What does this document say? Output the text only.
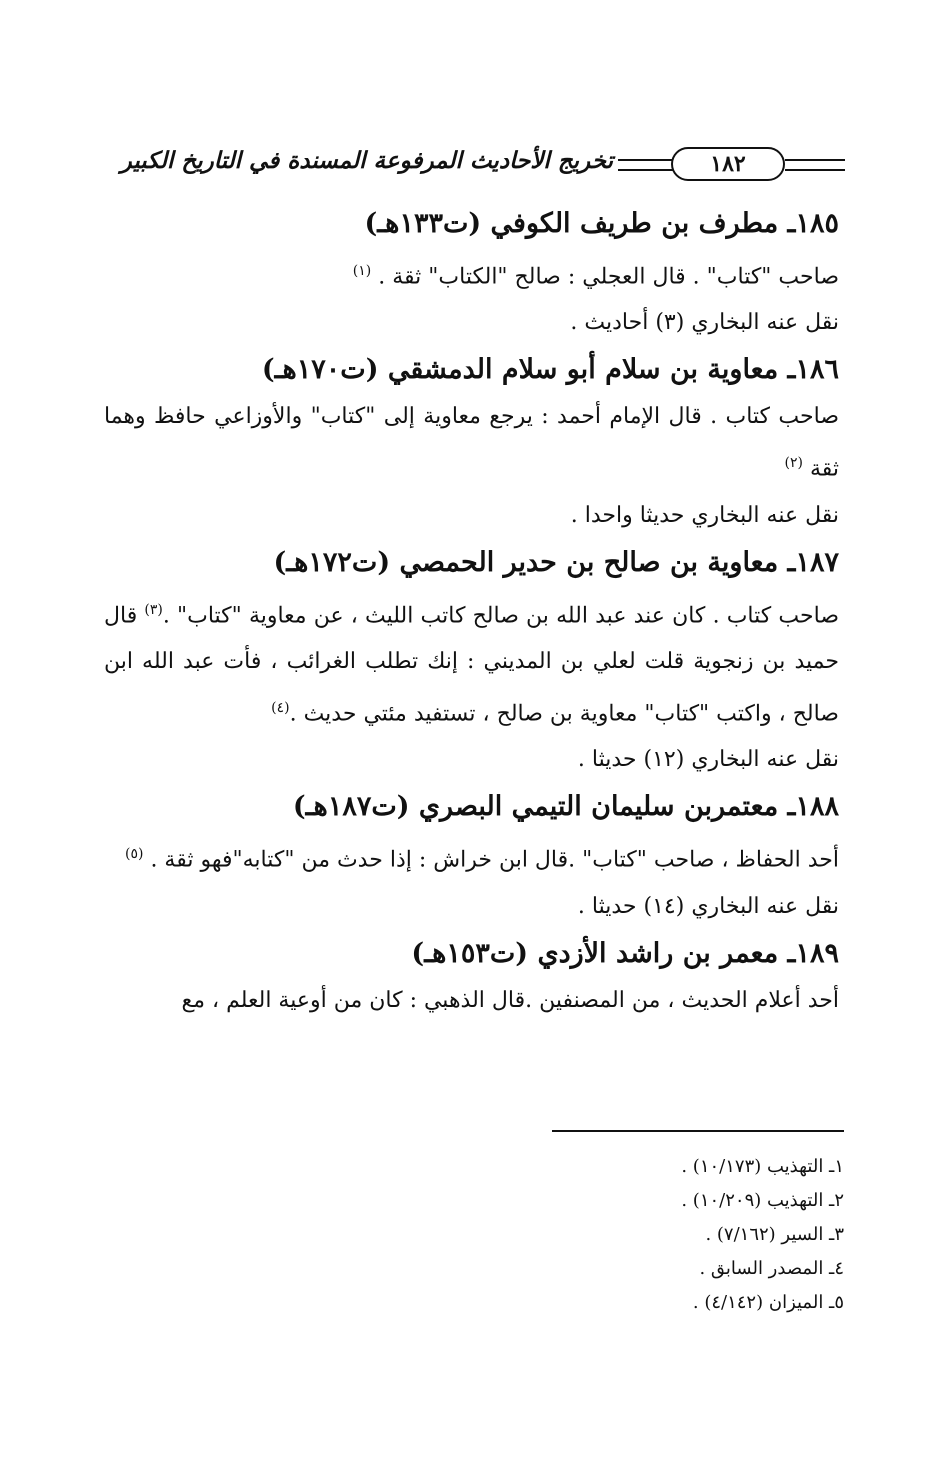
١٨٢
تخريج الأحاديث المرفوعة المسندة في التاريخ الكبير
١٨٥ـ مطرف بن طريف الكوفي (ت١٣٣هـ)

صاحب "كتاب" . قال العجلي : صالح "الكتاب" ثقة . $^{(١)}$

نقل عنه البخاري (٣) أحاديث .

١٨٦ـ معاوية بن سلام أبو سلام الدمشقي (ت١٧٠هـ)

صاحب كتاب . قال الإمام أحمد : يرجع معاوية إلى "كتاب" والأوزاعي حافظ وهما ثقة $^{(٢)}$

نقل عنه البخاري حديثا واحدا .

١٨٧ـ معاوية بن صالح بن حدير الحمصي (ت١٧٢هـ)

صاحب كتاب . كان عند عبد الله بن صالح كاتب الليث ، عن معاوية "كتاب" .$^{(٣)}$ قال حميد بن زنجوية قلت لعلي بن المديني : إنك تطلب الغرائب ، فأت عبد الله ابن صالح ، واكتب "كتاب" معاوية بن صالح ، تستفيد مئتي حديث .$^{(٤)}$

نقل عنه البخاري (١٢) حديثا .

١٨٨ـ معتمربن سليمان التيمي البصري (ت١٨٧هـ)

أحد الحفاظ ، صاحب "كتاب" .قال ابن خراش : إذا حدث من "كتابه"فهو ثقة . $^{(٥)}$

نقل عنه البخاري (١٤) حديثا .

١٨٩ـ معمر بن راشد الأزدي (ت١٥٣هـ)

أحد أعلام الحديث ، من المصنفين .قال الذهبي : كان من أوعية العلم ، مع

١ـ التهذيب (١٠/١٧٣) .

٢ـ التهذيب (١٠/٢٠٩) .

٣ـ السير (٧/١٦٢) .

٤ـ المصدر السابق .

٥ـ الميزان (٤/١٤٢) .
